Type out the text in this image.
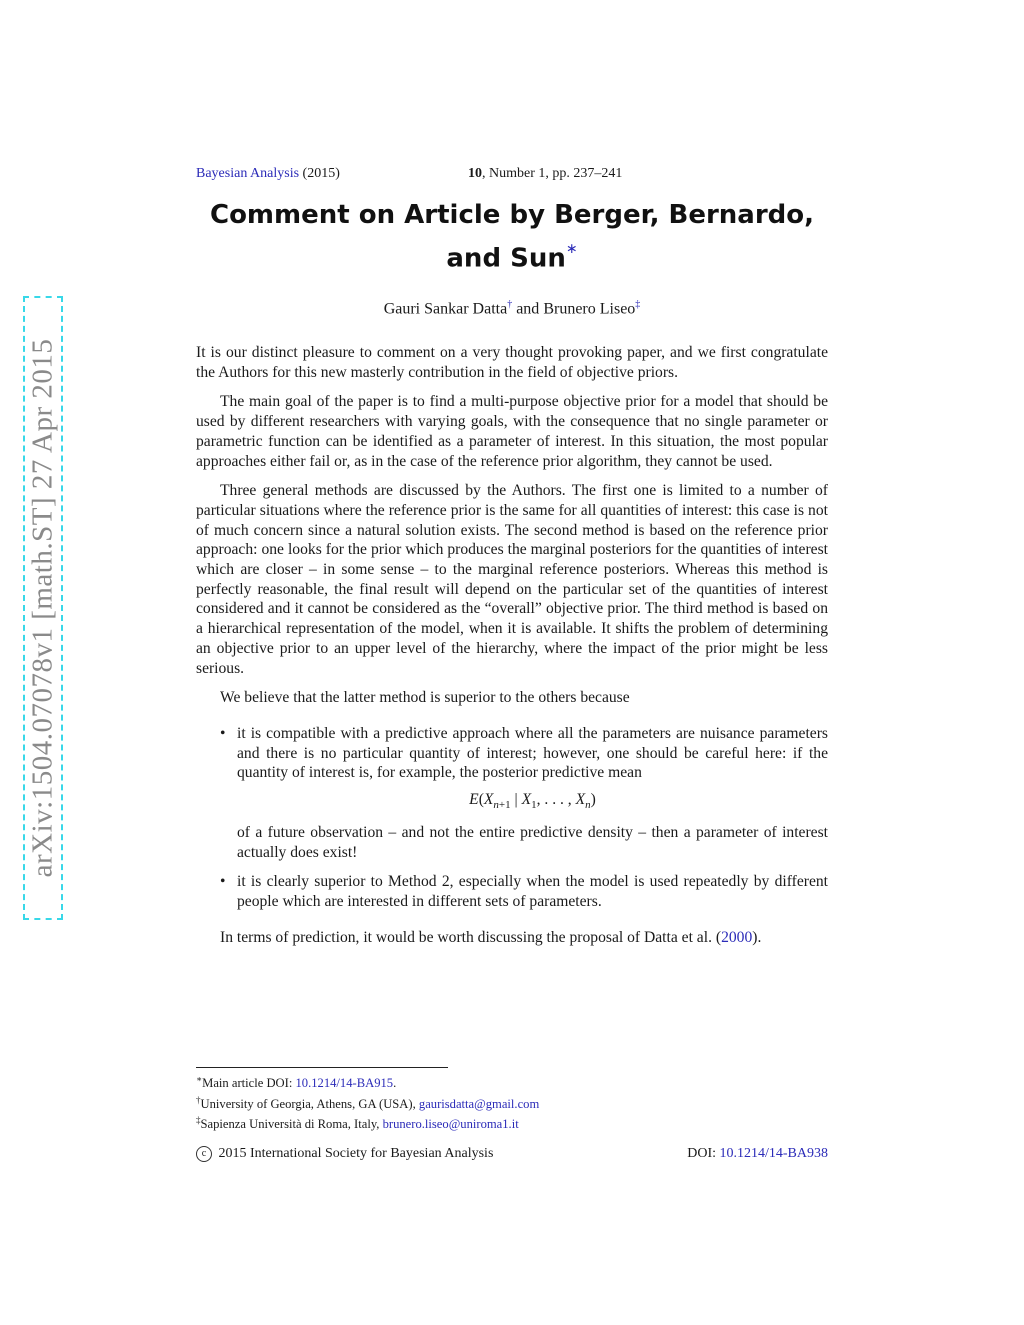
arXiv:1504.07078v1 [math.ST] 27 Apr 2015
Bayesian Analysis (2015)	10, Number 1, pp. 237–241
Comment on Article by Berger, Bernardo,
and Sun∗
Gauri Sankar Datta† and Brunero Liseo‡

It is our distinct pleasure to comment on a very thought provoking paper, and we first congratulate the Authors for this new masterly contribution in the field of objective priors.

The main goal of the paper is to find a multi-purpose objective prior for a model that should be used by different researchers with varying goals, with the consequence that no single parameter or parametric function can be identified as a parameter of interest. In this situation, the most popular approaches either fail or, as in the case of the reference prior algorithm, they cannot be used.

Three general methods are discussed by the Authors. The first one is limited to a number of particular situations where the reference prior is the same for all quantities of interest: this case is not of much concern since a natural solution exists. The second method is based on the reference prior approach: one looks for the prior which produces the marginal posteriors for the quantities of interest which are closer – in some sense – to the marginal reference posteriors. Whereas this method is perfectly reasonable, the final result will depend on the particular set of the quantities of interest considered and it cannot be considered as the “overall” objective prior. The third method is based on a hierarchical representation of the model, when it is available. It shifts the problem of determining an objective prior to an upper level of the hierarchy, where the impact of the prior might be less serious.

We believe that the latter method is superior to the others because

• it is compatible with a predictive approach where all the parameters are nuisance parameters and there is no particular quantity of interest; however, one should be careful here: if the quantity of interest is, for example, the posterior predictive mean
$E(X_{n+1}$ | $X_1$, . . . , $X_n$)
of a future observation – and not the entire predictive density – then a parameter of interest actually does exist!
• it is clearly superior to Method 2, especially when the model is used repeatedly by different people which are interested in different sets of parameters.

In terms of prediction, it would be worth discussing the proposal of Datta et al. (2000).

∗Main article DOI: 10.1214/14-BA915.
†University of Georgia, Athens, GA (USA), gaurisdatta@gmail.com
‡Sapienza Università di Roma, Italy, brunero.liseo@uniroma1.it
c 2015 International Society for Bayesian Analysis	DOI: 10.1214/14-BA938
